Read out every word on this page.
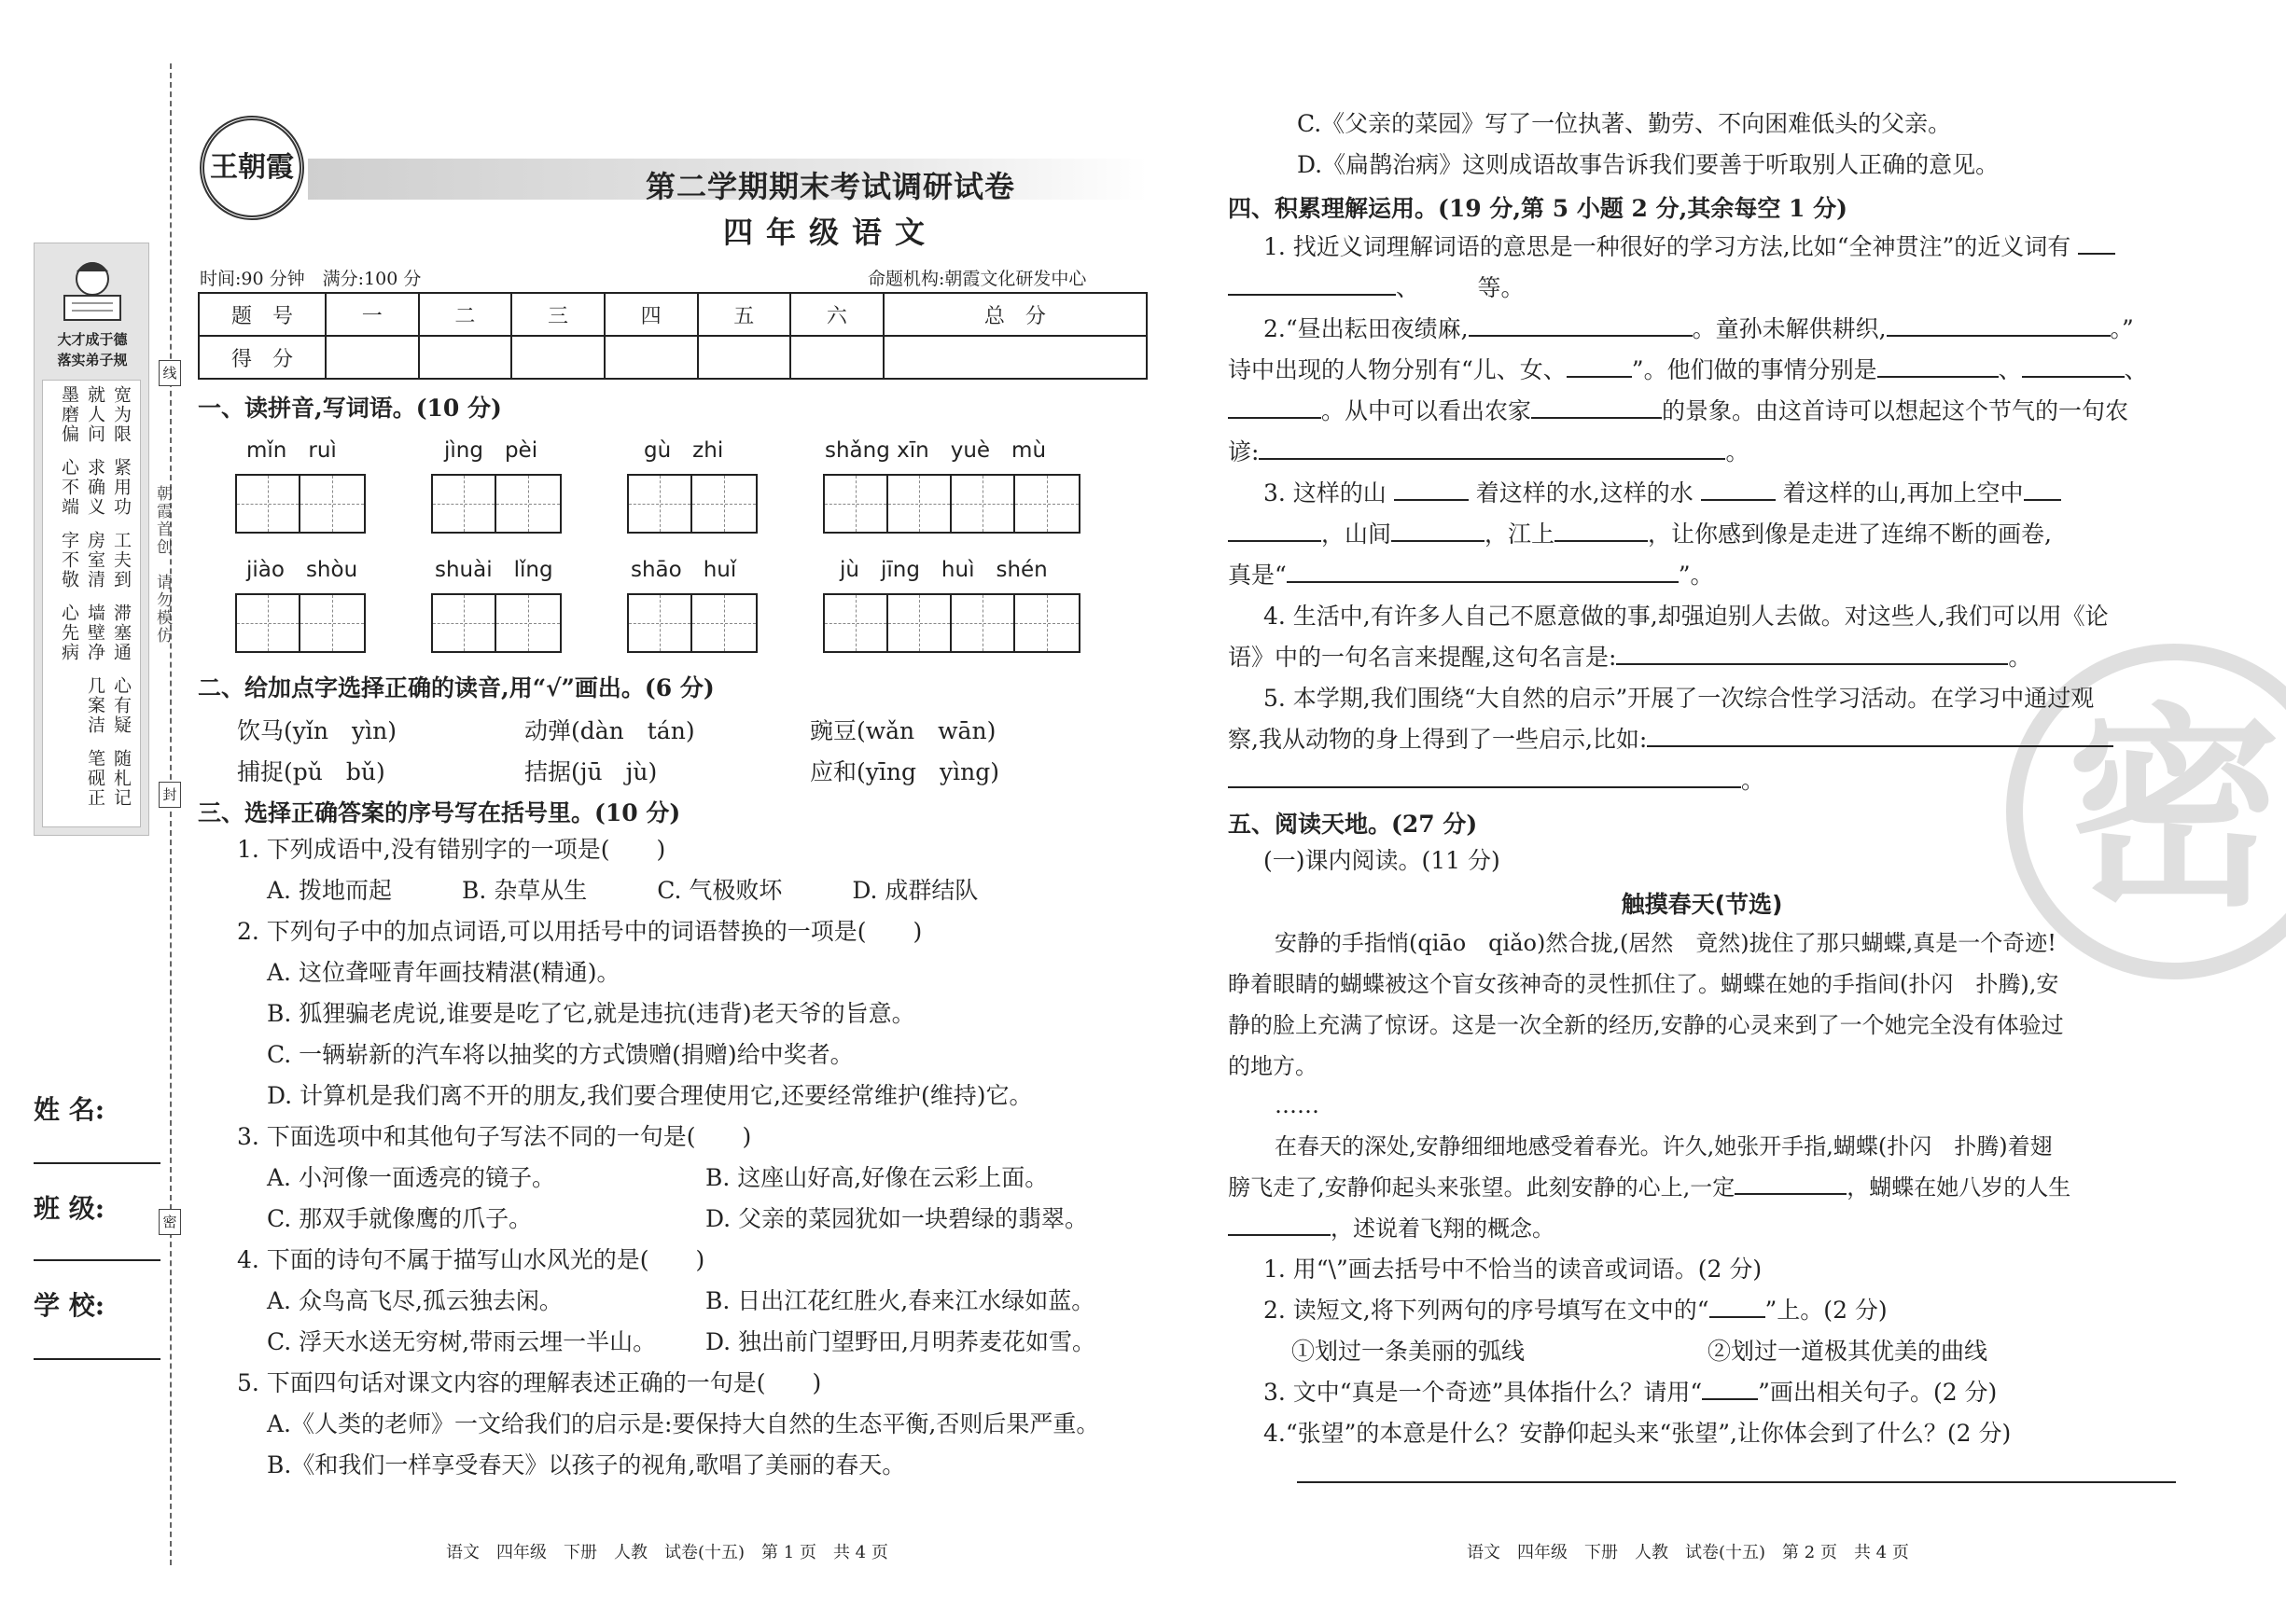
线
封
密
朝霞首创　请勿模仿
大才成于德
落实弟子规
宽为限
紧用功
工夫到
滞塞通
心有疑
随札记
就人问
求确义
房室清
墙壁净
几案洁
笔砚正
墨磨偏
心不端
字不敬
心先病
姓 名:
班 级:
学 校:
王朝霞
第二学期期末考试调研试卷
四年级语文
时间:90 分钟　满分:100 分	命题机构:朝霞文化研发中心
题　号	一	二	三	四	五	六	总　分
得　分							
一、读拼音,写词语。(10 分)
mǐn　ruì	jìng　pèi	gù　zhi	shǎng xīn　yuè　mù
jiào　shòu	shuài　lǐng	shāo　huǐ	jù　jīng　huì　shén
二、给加点字选择正确的读音,用“√”画出。(6 分)
饮马(yǐn　yìn)	动弹(dàn　tán)	豌豆(wǎn　wān)
捕捉(pǔ　bǔ)	拮据(jū　jù)	应和(yīng　yìng)
三、选择正确答案的序号写在括号里。(10 分)
1. 下列成语中,没有错别字的一项是(　　)
A. 拨地而起　　　B. 杂草从生　　　C. 气极败坏　　　D. 成群结队
2. 下列句子中的加点词语,可以用括号中的词语替换的一项是(　　)
A. 这位聋哑青年画技精湛(精通)。
B. 狐狸骗老虎说,谁要是吃了它,就是违抗(违背)老天爷的旨意。
C. 一辆崭新的汽车将以抽奖的方式馈赠(捐赠)给中奖者。
D. 计算机是我们离不开的朋友,我们要合理使用它,还要经常维护(维持)它。
3. 下面选项中和其他句子写法不同的一句是(　　)
A. 小河像一面透亮的镜子。	B. 这座山好高,好像在云彩上面。
C. 那双手就像鹰的爪子。	D. 父亲的菜园犹如一块碧绿的翡翠。
4. 下面的诗句不属于描写山水风光的是(　　)
A. 众鸟高飞尽,孤云独去闲。	B. 日出江花红胜火,春来江水绿如蓝。
C. 浮天水送无穷树,带雨云埋一半山。 D. 独出前门望野田,月明荞麦花如雪。
5. 下面四句话对课文内容的理解表述正确的一句是(　　)
A.《人类的老师》一文给我们的启示是:要保持大自然的生态平衡,否则后果严重。
B.《和我们一样享受春天》以孩子的视角,歌唱了美丽的春天。
语文　四年级　下册　人教　试卷(十五)　第 1 页　共 4 页
密
C.《父亲的菜园》写了一位执著、勤劳、不向困难低头的父亲。
D.《扁鹊治病》这则成语故事告诉我们要善于听取别人正确的意见。
四、积累理解运用。(19 分,第 5 小题 2 分,其余每空 1 分)
1. 找近义词理解词语的意思是一种很好的学习方法,比如“全神贯注”的近义词有
、　　　等。
2.“昼出耘田夜绩麻,	。童孙未解供耕织,	。”
诗中出现的人物分别有“儿、女、	”。他们做的事情分别是	、	、
。从中可以看出农家	的景象。由这首诗可以想起这个节气的一句农
谚:	。
3. 这样的山	着这样的水,这样的水	着这样的山,再加上空中
，山间	，江上	，让你感到像是走进了连绵不断的画卷,
真是“	”。
4. 生活中,有许多人自己不愿意做的事,却强迫别人去做。对这些人,我们可以用《论
语》中的一句名言来提醒,这句名言是:	。
5. 本学期,我们围绕“大自然的启示”开展了一次综合性学习活动。在学习中通过观
察,我从动物的身上得到了一些启示,比如:
。
五、阅读天地。(27 分)
(一)课内阅读。(11 分)
触摸春天(节选)
安静的手指悄(qiāo　qiǎo)然合拢,(居然　竟然)拢住了那只蝴蝶,真是一个奇迹!
睁着眼睛的蝴蝶被这个盲女孩神奇的灵性抓住了。蝴蝶在她的手指间(扑闪　扑腾),安
静的脸上充满了惊讶。这是一次全新的经历,安静的心灵来到了一个她完全没有体验过
的地方。
……
在春天的深处,安静细细地感受着春光。许久,她张开手指,蝴蝶(扑闪　扑腾)着翅
膀飞走了,安静仰起头来张望。此刻安静的心上,一定	，蝴蝶在她八岁的人生
，述说着飞翔的概念。
1. 用“\”画去括号中不恰当的读音或词语。(2 分)
2. 读短文,将下列两句的序号填写在文中的“ ”上。(2 分)
①划过一条美丽的弧线	②划过一道极其优美的曲线
3. 文中“真是一个奇迹”具体指什么？请用“ ”画出相关句子。(2 分)
4.“张望”的本意是什么？安静仰起头来“张望”,让你体会到了什么？(2 分)
语文　四年级　下册　人教　试卷(十五)　第 2 页　共 4 页
